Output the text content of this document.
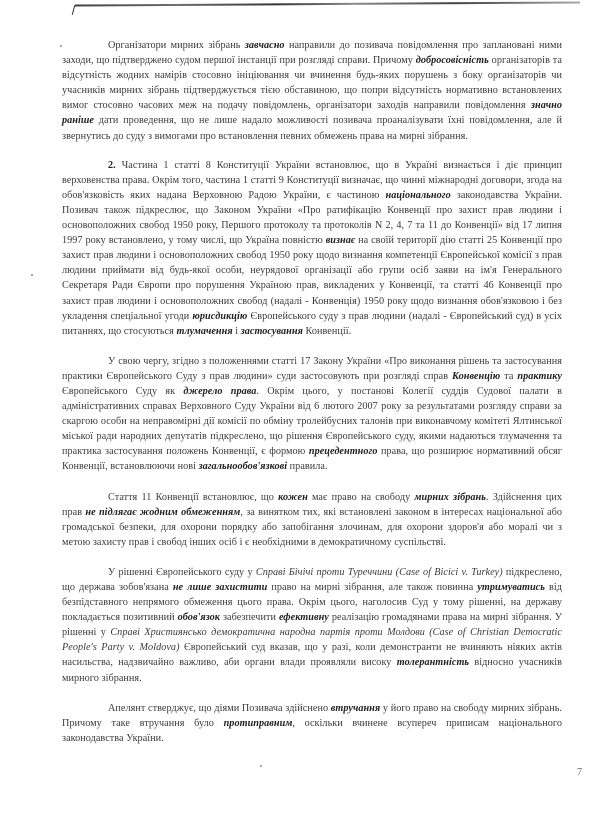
Організатори мирних зібрань завчасно направили до позивача повідомлення про заплановані ними заходи, що підтверджено судом першої інстанції при розгляді справи. Причому добросовісність організаторів та відсутність жодних намірів стосовно ініціювання чи вчинення будь-яких порушень з боку організаторів чи учасників мирних зібрань підтверджується тією обставиною, що попри відсутність нормативно встановлених вимог стосовно часових меж на подачу повідомлень, організатори заходів направили повідомлення значно раніше дати проведення, що не лише надало можливості позивача проаналізувати їхні повідомлення, але й звернутись до суду з вимогами про встановлення певних обмежень права на мирні зібрання.

2. Частина 1 статті 8 Конституції України встановлює, що в Україні визнається і діє принцип верховенства права. Окрім того, частина 1 статті 9 Конституції визначає, що чинні міжнародні договори, згода на обов'язковість яких надана Верховною Радою України, є частиною національного законодавства України. Позивач також підкреслює, що Законом України «Про ратифікацію Конвенції про захист прав людини і основоположних свобод 1950 року, Першого протоколу та протоколів N 2, 4, 7 та 11 до Конвенції» від 17 липня 1997 року встановлено, у тому числі, що Україна повністю визнає на своїй території дію статті 25 Конвенції про захист прав людини і основоположних свобод 1950 року щодо визнання компетенції Європейської комісії з прав людини приймати від будь-якої особи, неурядової організації або групи осіб заяви на ім'я Генерального Секретаря Ради Європи про порушення Україною прав, викладених у Конвенції, та статті 46 Конвенції про захист прав людини і основоположних свобод (надалі - Конвенція) 1950 року щодо визнання обов'язковою і без укладення спеціальної угоди юрисдикцію Європейського суду з прав людини (надалі - Європейський суд) в усіх питаннях, що стосуються тлумачення і застосування Конвенції.

У свою чергу, згідно з положеннями статті 17 Закону України «Про виконання рішень та застосування практики Європейського Суду з прав людини» суди застосовують при розгляді справ Конвенцію та практику Європейського Суду як джерело права. Окрім цього, у постанові Колегії суддів Судової палати в адміністративних справах Верховного Суду України від 6 лютого 2007 року за результатами розгляду справи за скаргою особи на неправомірні дії комісії по обміну тролейбусних талонів при виконавчому комітеті Ялтинської міської ради народних депутатів підкреслено, що рішення Європейського суду, якими надаються тлумачення та практика застосування положень Конвенції, є формою прецедентного права, що розширює нормативний обсяг Конвенції, встановлюючи нові загальнообов'язкові правила.

Стаття 11 Конвенції встановлює, що кожен має право на свободу мирних зібрань. Здійснення цих прав не підлягає жодним обмеженням, за винятком тих, які встановлені законом в інтересах національної або громадської безпеки, для охорони порядку або запобігання злочинам, для охорони здоров'я або моралі чи з метою захисту прав і свобод інших осіб і є необхідними в демократичному суспільстві.

У рішенні Європейського суду у Справі Бічічі проти Туреччини (Case of Bicici v. Turkey) підкреслено, що держава зобов'язана не лише захистити право на мирні зібрання, але також повинна утримуватись від безпідставного непрямого обмеження цього права. Окрім цього, наголосив Суд у тому рішенні, на державу покладається позитивний обов'язок забезпечити ефективну реалізацію громадянами права на мирні зібрання. У рішенні у Справі Християнсько демократична народна партія проти Молдови (Case of Christian Democratic People's Party v. Moldova) Європейський суд вказав, що у разі, коли демонстранти не вчиняють ніяких актів насильства, надзвичайно важливо, аби органи влади проявляли високу толерантність відносно учасників мирного зібрання.

Апелянт стверджує, що діями Позивача здійснено втручання у його право на свободу мирних зібрань. Причому таке втручання було протиправним, оскільки вчинене всупереч приписам національного законодавства України.

7
